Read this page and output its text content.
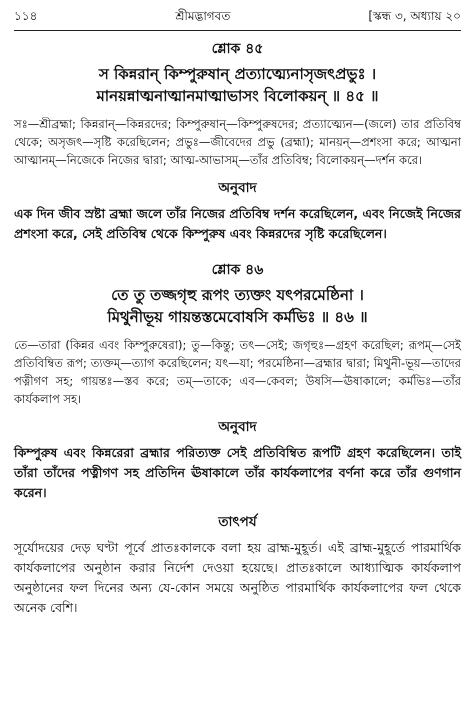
১১৪	শ্রীমদ্ভাগবত	[স্কন্ধ ৩, অধ্যায় ২০
শ্লোক ৪৫
স কিন্নরান্ কিম্পুরুষান্ প্রত্যাত্ম্যেনাসৃজৎপ্রভুঃ ।
মানয়ন্নাত্মনাত্মানমাত্মাভাসং বিলোকয়ন্ ॥ ৪৫ ॥

সঃ—শ্রীব্রহ্মা; কিন্নরান্—কিন্নরদের; কিম্পুরুষান্—কিম্পুরুষদের; প্রত্যাত্ম্যেন—(জলে) তার প্রতিবিম্ব থেকে; অসৃজৎ—সৃষ্টি করেছিলেন; প্রভুঃ—জীবেদের প্রভু (ব্রহ্মা); মানয়ন্—প্রশংসা করে; আত্মনা আত্মানম্—নিজেকে নিজের দ্বারা; আত্ম-আভাসম্—তাঁর প্রতিবিম্ব; বিলোকয়ন্—দর্শন করে।

অনুবাদ

এক দিন জীব স্রষ্টা ব্রহ্মা জলে তাঁর নিজের প্রতিবিম্ব দর্শন করেছিলেন, এবং নিজেই নিজের প্রশংসা করে, সেই প্রতিবিম্ব থেকে কিম্পুরুষ এবং কিন্নরদের সৃষ্টি করেছিলেন।

শ্লোক ৪৬
তে তু তজ্জগৃহু রূপং ত্যক্তং যৎপরমেষ্ঠিনা ।
মিথুনীভূয় গায়ন্তস্তমেবোষসি কর্মভিঃ ॥ ৪৬ ॥

তে—তারা (কিন্নর এবং কিম্পুরুষেরা); তু—কিন্তু; তৎ—সেই; জগৃহুঃ—গ্রহণ করেছিল; রূপম্—সেই প্রতিবিম্বিত রূপ; ত্যক্তম্—ত্যাগ করেছিলেন; যৎ—যা; পরমেষ্ঠিনা—ব্রহ্মার দ্বারা; মিথুনী-ভূয়—তাদের পত্নীগণ সহ; গায়ন্তঃ—স্তব করে; তম্—তাকে; এব—কেবল; উষসি—ঊষাকালে; কর্মভিঃ—তাঁর কার্যকলাপ সহ।

অনুবাদ

কিম্পুরুষ এবং কিন্নরেরা ব্রহ্মার পরিত্যক্ত সেই প্রতিবিম্বিত রূপটি গ্রহণ করেছিলেন। তাই তাঁরা তাঁদের পত্নীগণ সহ প্রতিদিন ঊষাকালে তাঁর কার্যকলাপের বর্ণনা করে তাঁর গুণগান করেন।

তাৎপর্য

সূর্যোদয়ের দেড় ঘণ্টা পূর্বে প্রাতঃকালকে বলা হয় ব্রাহ্ম-মুহূর্ত। এই ব্রাহ্ম-মুহূর্তে পারমার্থিক কার্যকলাপের অনুষ্ঠান করার নির্দেশ দেওয়া হয়েছে। প্রাতঃকালে আধ্যাত্মিক কার্যকলাপ অনুষ্ঠানের ফল দিনের অন্য যে-কোন সময়ে অনুষ্ঠিত পারমার্থিক কার্যকলাপের ফল থেকে অনেক বেশি।
